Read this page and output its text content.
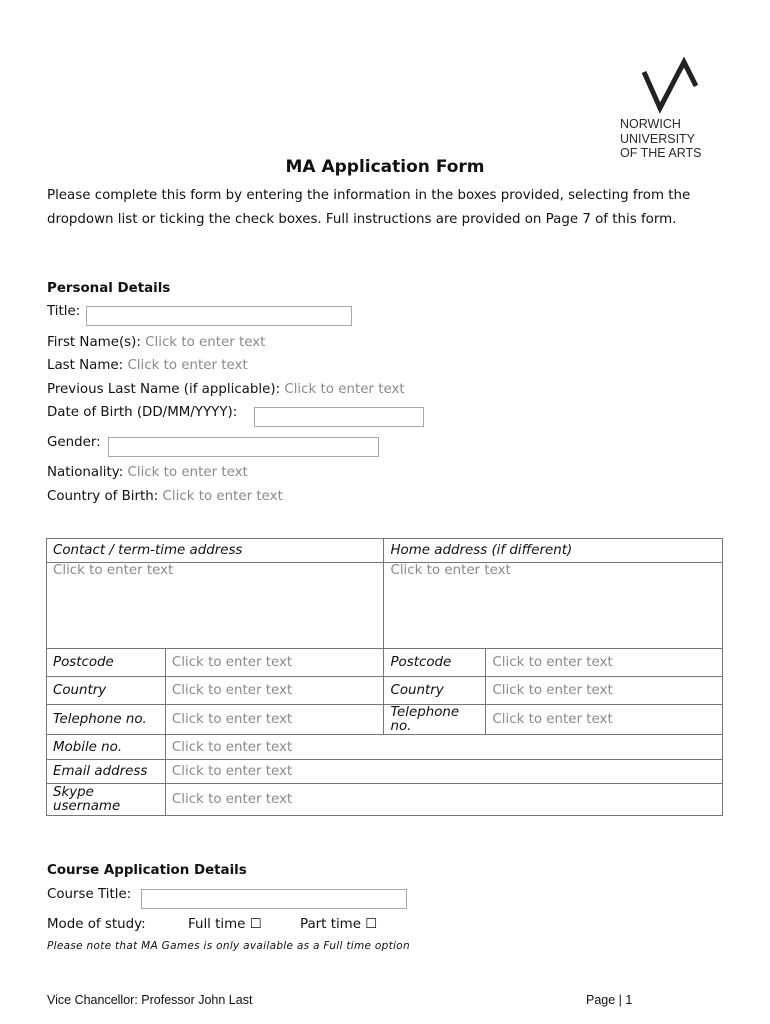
NORWICH
UNIVERSITY
OF THE ARTS
MA Application Form
Please complete this form by entering the information in the boxes provided, selecting from the dropdown list or ticking the check boxes. Full instructions are provided on Page 7 of this form.
Personal Details
Title:
First Name(s): Click to enter text
Last Name: Click to enter text
Previous Last Name (if applicable): Click to enter text
Date of Birth (DD/MM/YYYY):
Gender:
Nationality: Click to enter text
Country of Birth: Click to enter text
Contact / term-time address		Home address (if different)	
Click to enter text		Click to enter text	
Postcode	Click to enter text	Postcode	Click to enter text
Country	Click to enter text	Country	Click to enter text
Telephone no.	Click to enter text	Telephone no.	Click to enter text
Mobile no.	Click to enter text		
Email address	Click to enter text		
Skype username	Click to enter text		
Course Application Details
Course Title:
Mode of study:	Full time ☐	Part time ☐
Please note that MA Games is only available as a Full time option
Vice Chancellor: Professor John Last	Page | 1
